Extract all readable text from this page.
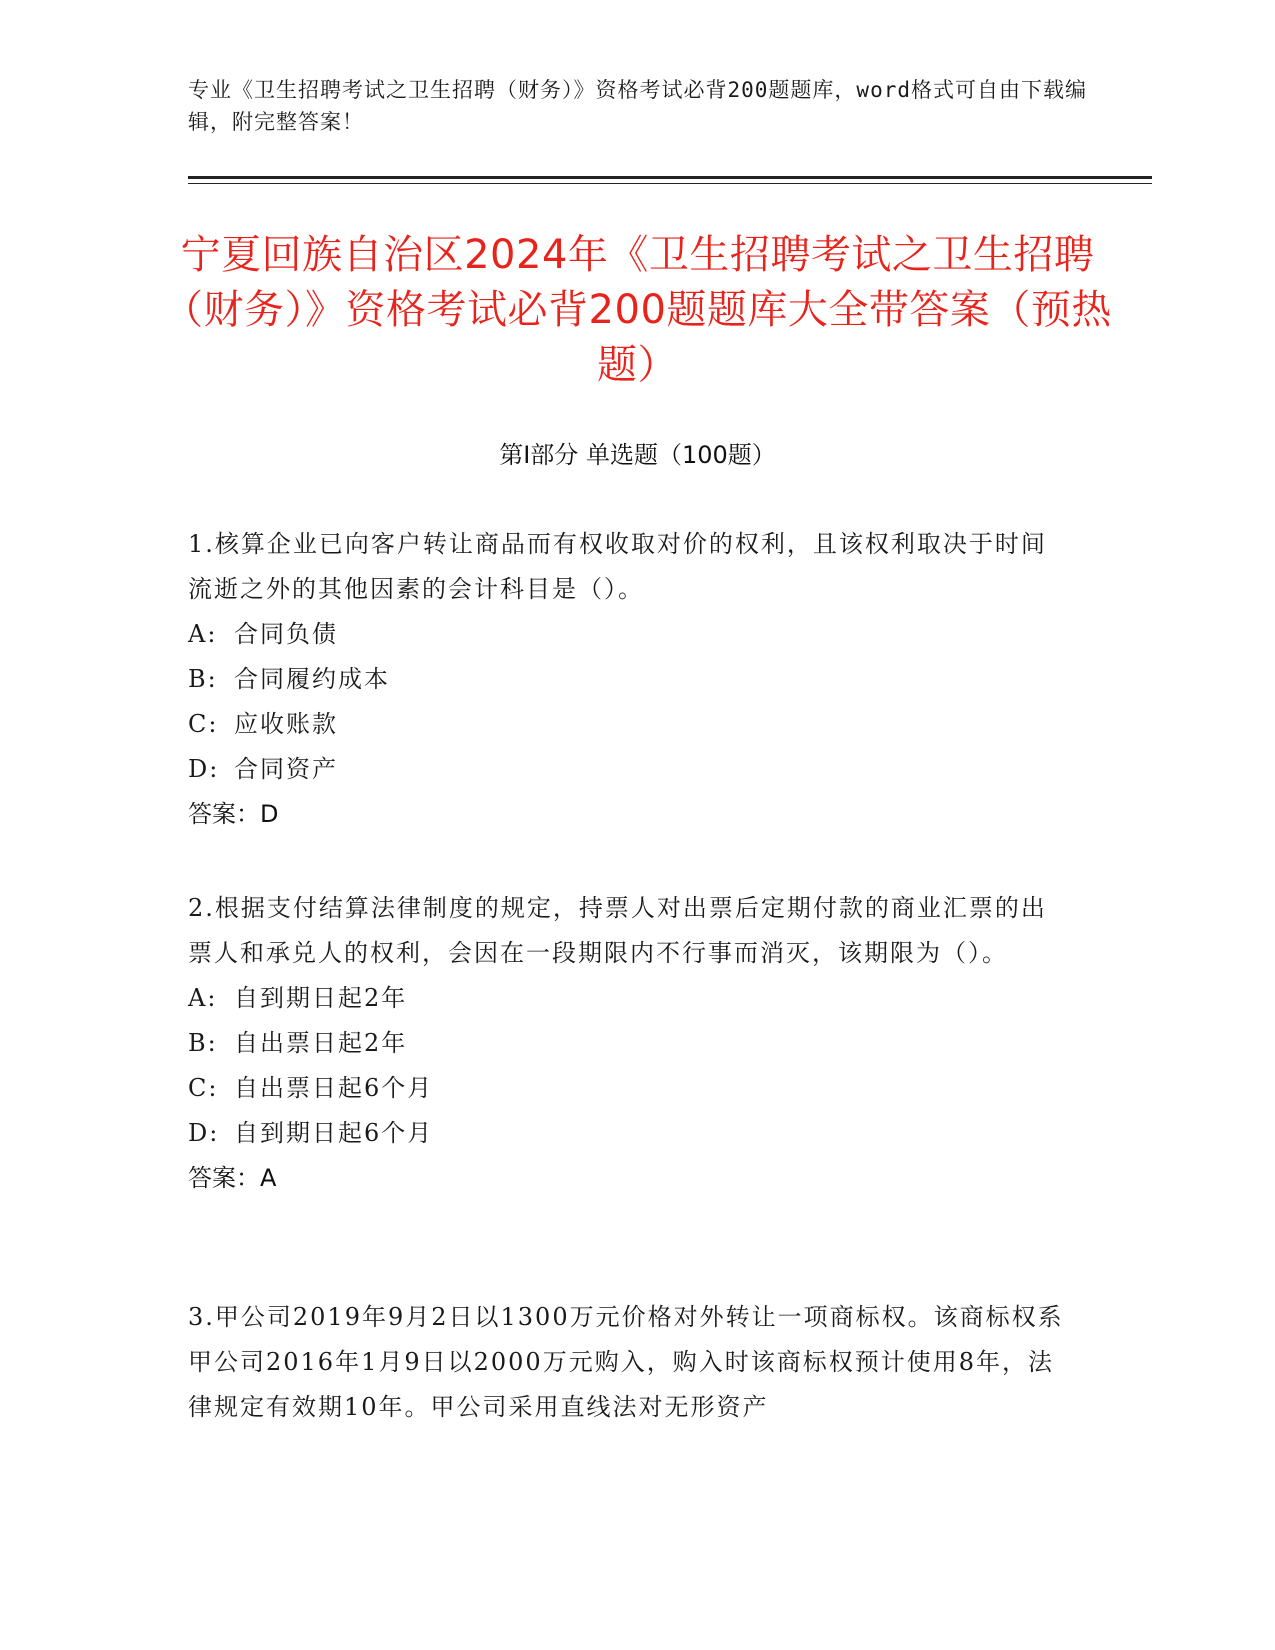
专业《卫生招聘考试之卫生招聘（财务）》资格考试必背200题题库，word格式可自由下载编辑，附完整答案！
宁夏回族自治区2024年《卫生招聘考试之卫生招聘（财务）》资格考试必背200题题库大全带答案（预热题）
第Ⅰ部分 单选题（100题）
1.核算企业已向客户转让商品而有权收取对价的权利，且该权利取决于时间流逝之外的其他因素的会计科目是（）。
A: 合同负债
B: 合同履约成本
C: 应收账款
D: 合同资产
答案：D
2.根据支付结算法律制度的规定，持票人对出票后定期付款的商业汇票的出票人和承兑人的权利，会因在一段期限内不行事而消灭，该期限为（）。
A: 自到期日起2年
B: 自出票日起2年
C: 自出票日起6个月
D: 自到期日起6个月
答案：A
3.甲公司2019年9月2日以1300万元价格对外转让一项商标权。该商标权系甲公司2016年1月9日以2000万元购入，购入时该商标权预计使用8年，法律规定有效期10年。甲公司采用直线法对无形资产
